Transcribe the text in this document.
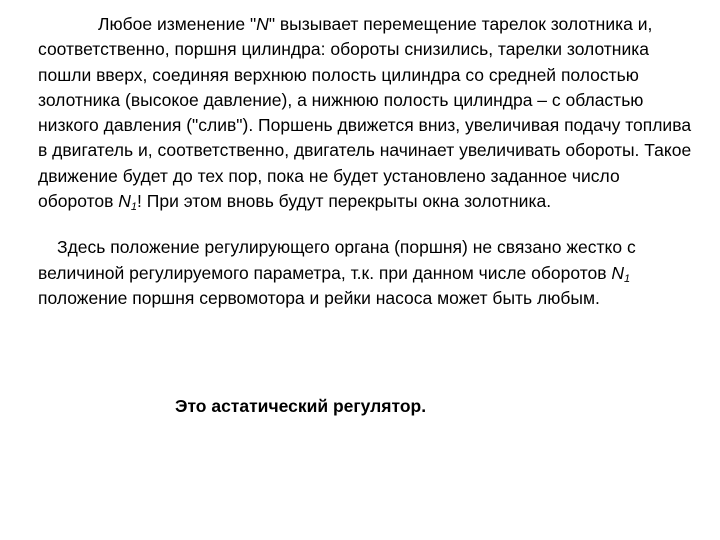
Любое изменение "N" вызывает перемещение тарелок золотника и, соответственно, поршня цилиндра: обороты снизились, тарелки золотника пошли вверх, соединяя верхнюю полость цилиндра со средней полостью золотника (высокое давление), а нижнюю полость цилиндра – с областью низкого давления ("слив"). Поршень движется вниз, увеличивая подачу топлива в двигатель и, соответственно, двигатель начинает увеличивать обороты. Такое движение будет до тех пор, пока не будет установлено заданное число оборотов $N_1$! При этом вновь будут перекрыты окна золотника.

Здесь положение регулирующего органа (поршня) не связано жестко с величиной регулируемого параметра, т.к. при данном числе оборотов $N_1$ положение поршня сервомотора и рейки насоса может быть любым.

Это астатический регулятор.
